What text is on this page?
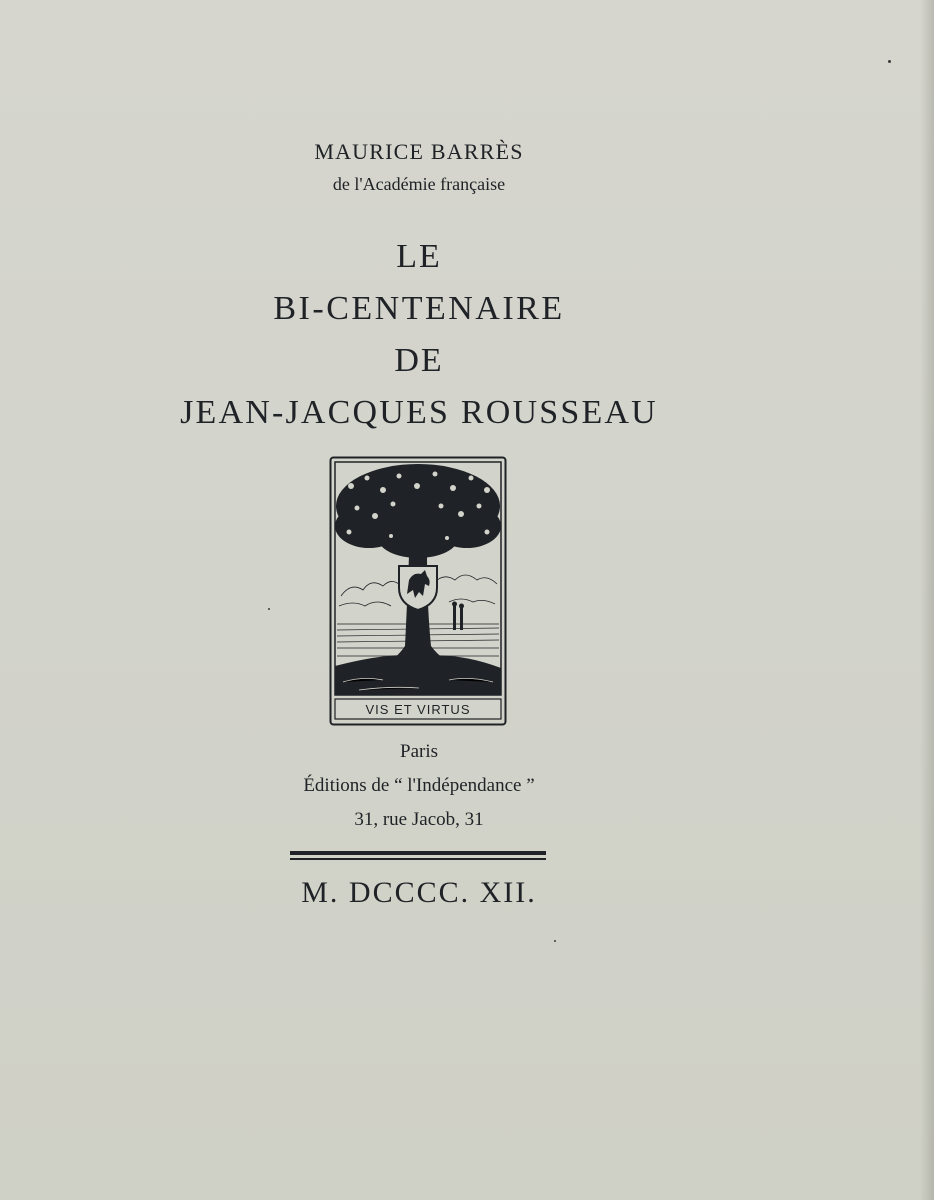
MAURICE BARRÈS
de l'Académie française
LE
BI-CENTENAIRE
DE
JEAN-JACQUES ROUSSEAU
VIS ET VIRTUS
Paris
Éditions de “ l'Indépendance ”
31, rue Jacob, 31
M. DCCCC. XII.
